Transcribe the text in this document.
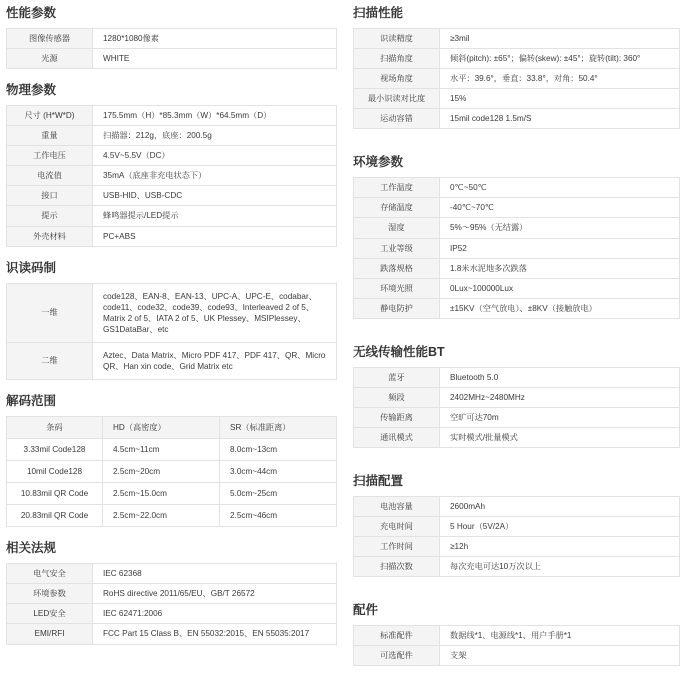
性能参数
图像传感器	1280*1080像素
光源	WHITE
物理参数
尺寸 (H*W*D)	175.5mm（H）*85.3mm（W）*64.5mm（D）
重量	扫描器：212g，底座：200.5g
工作电压	4.5V~5.5V（DC）
电流值	35mA（底座非充电状态下）
接口	USB-HID、USB-CDC
提示	蜂鸣器提示/LED提示
外壳材料	PC+ABS
识读码制
一维	code128、EAN-8、EAN-13、UPC-A、UPC-E、codabar、code11、code32、code39、code93、Interleaved 2 of 5、Matrix 2 of 5、IATA 2 of 5、UK Plessey、MSIPlessey、GS1DataBar、etc
二维	Aztec、Data Matrix、Micro PDF 417、PDF 417、QR、Micro QR、Han xin code、Grid Matrix etc
解码范围
条码	HD（高密度）	SR（标准距离）
3.33mil Code128	4.5cm~11cm	8.0cm~13cm
10mil Code128	2.5cm~20cm	3.0cm~44cm
10.83mil QR Code	2.5cm~15.0cm	5.0cm~25cm
20.83mil QR Code	2.5cm~22.0cm	2.5cm~46cm
相关法规
电气安全	IEC 62368
环境参数	RoHS directive 2011/65/EU、GB/T 26572
LED安全	IEC 62471:2006
EMI/RFI	FCC Part 15 Class B、EN 55032:2015、EN 55035:2017
扫描性能
识读精度	≥3mil
扫描角度	倾斜(pitch): ±65°；偏转(skew): ±45°；旋转(tilt): 360°
视场角度	水平：39.6°，垂直：33.8°，对角：50.4°
最小识读对比度	15%
运动容错	15mil code128 1.5m/S
环境参数
工作温度	0℃~50℃
存储温度	-40℃~70℃
湿度	5%～95%（无结露）
工业等级	IP52
跌落规格	1.8米水泥地多次跌落
环境光照	0Lux~100000Lux
静电防护	±15KV（空气放电）、±8KV（接触放电）
无线传输性能BT
蓝牙	Bluetooth 5.0
频段	2402MHz~2480MHz
传输距离	空旷可达70m
通讯模式	实时模式/批量模式
扫描配置
电池容量	2600mAh
充电时间	5 Hour（5V/2A）
工作时间	≥12h
扫描次数	每次充电可达10万次以上
配件
标准配件	数据线*1、电源线*1、用户手册*1
可选配件	支架
